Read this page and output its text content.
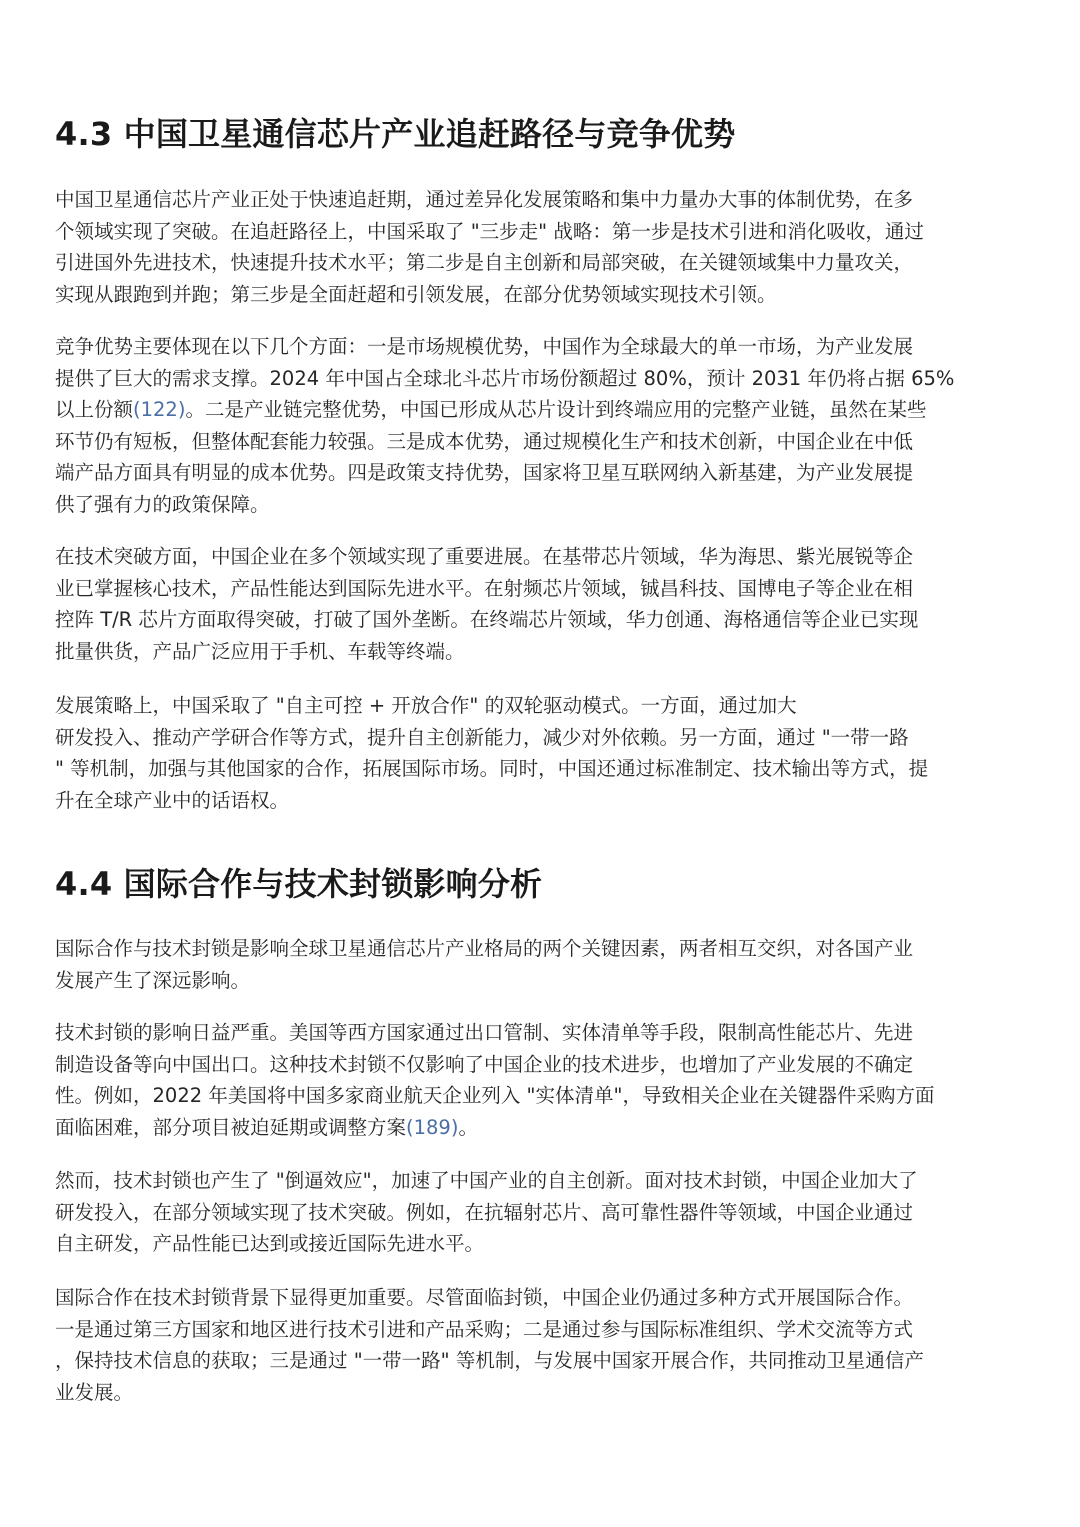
4.3 中国卫星通信芯片产业追赶路径与竞争优势
中国卫星通信芯片产业正处于快速追赶期，通过差异化发展策略和集中力量办大事的体制优势，在多
个领域实现了突破。在追赶路径上，中国采取了 "三步走" 战略：第一步是技术引进和消化吸收，通过
引进国外先进技术，快速提升技术水平；第二步是自主创新和局部突破，在关键领域集中力量攻关，
实现从跟跑到并跑；第三步是全面赶超和引领发展，在部分优势领域实现技术引领。
竞争优势主要体现在以下几个方面：一是市场规模优势，中国作为全球最大的单一市场，为产业发展
提供了巨大的需求支撑。2024 年中国占全球北斗芯片市场份额超过 80%，预计 2031 年仍将占据 65%
以上份额(122)。二是产业链完整优势，中国已形成从芯片设计到终端应用的完整产业链，虽然在某些
环节仍有短板，但整体配套能力较强。三是成本优势，通过规模化生产和技术创新，中国企业在中低
端产品方面具有明显的成本优势。四是政策支持优势，国家将卫星互联网纳入新基建，为产业发展提
供了强有力的政策保障。
在技术突破方面，中国企业在多个领域实现了重要进展。在基带芯片领域，华为海思、紫光展锐等企
业已掌握核心技术，产品性能达到国际先进水平。在射频芯片领域，铖昌科技、国博电子等企业在相
控阵 T/R 芯片方面取得突破，打破了国外垄断。在终端芯片领域，华力创通、海格通信等企业已实现
批量供货，产品广泛应用于手机、车载等终端。
发展策略上，中国采取了 "自主可控 + 开放合作" 的双轮驱动模式。一方面，通过加大
研发投入、推动产学研合作等方式，提升自主创新能力，减少对外依赖。另一方面，通过 "一带一路
" 等机制，加强与其他国家的合作，拓展国际市场。同时，中国还通过标准制定、技术输出等方式，提
升在全球产业中的话语权。
4.4 国际合作与技术封锁影响分析
国际合作与技术封锁是影响全球卫星通信芯片产业格局的两个关键因素，两者相互交织，对各国产业
发展产生了深远影响。
技术封锁的影响日益严重。美国等西方国家通过出口管制、实体清单等手段，限制高性能芯片、先进
制造设备等向中国出口。这种技术封锁不仅影响了中国企业的技术进步，也增加了产业发展的不确定
性。例如，2022 年美国将中国多家商业航天企业列入 "实体清单"，导致相关企业在关键器件采购方面
面临困难，部分项目被迫延期或调整方案(189)。
然而，技术封锁也产生了 "倒逼效应"，加速了中国产业的自主创新。面对技术封锁，中国企业加大了
研发投入，在部分领域实现了技术突破。例如，在抗辐射芯片、高可靠性器件等领域，中国企业通过
自主研发，产品性能已达到或接近国际先进水平。
国际合作在技术封锁背景下显得更加重要。尽管面临封锁，中国企业仍通过多种方式开展国际合作。
一是通过第三方国家和地区进行技术引进和产品采购；二是通过参与国际标准组织、学术交流等方式
，保持技术信息的获取；三是通过 "一带一路" 等机制，与发展中国家开展合作，共同推动卫星通信产
业发展。
